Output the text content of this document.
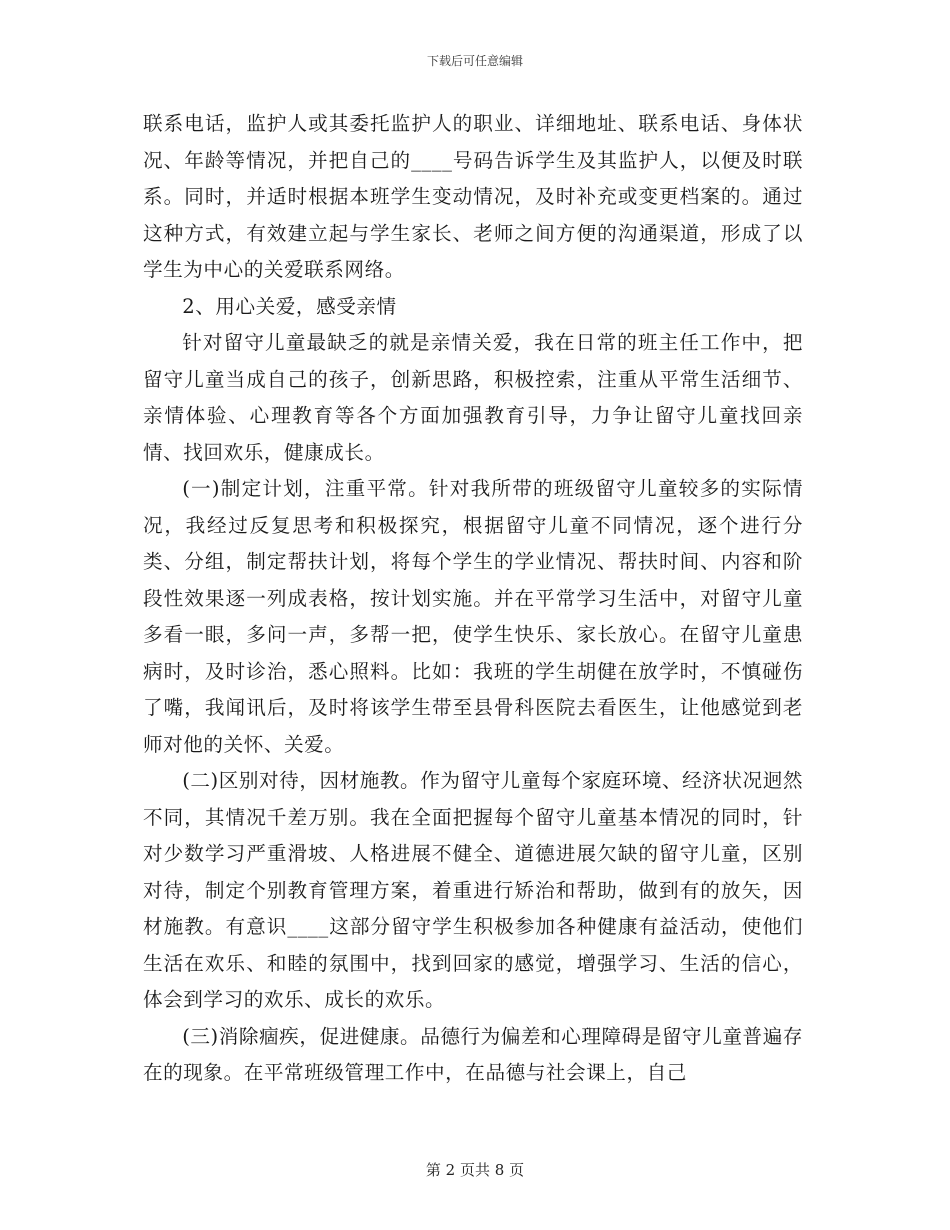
下载后可任意编辑

联系电话，监护人或其委托监护人的职业、详细地址、联系电话、身体状况、年龄等情况，并把自己的____号码告诉学生及其监护人，以便及时联系。同时，并适时根据本班学生变动情况，及时补充或变更档案的。通过这种方式，有效建立起与学生家长、老师之间方便的沟通渠道，形成了以学生为中心的关爱联系网络。

2、用心关爱，感受亲情

针对留守儿童最缺乏的就是亲情关爱，我在日常的班主任工作中，把留守儿童当成自己的孩子，创新思路，积极控索，注重从平常生活细节、亲情体验、心理教育等各个方面加强教育引导，力争让留守儿童找回亲情、找回欢乐，健康成长。

(一)制定计划，注重平常。针对我所带的班级留守儿童较多的实际情况，我经过反复思考和积极探究，根据留守儿童不同情况，逐个进行分类、分组，制定帮扶计划，将每个学生的学业情况、帮扶时间、内容和阶段性效果逐一列成表格，按计划实施。并在平常学习生活中，对留守儿童多看一眼，多问一声，多帮一把，使学生快乐、家长放心。在留守儿童患病时，及时诊治，悉心照料。比如：我班的学生胡健在放学时，不慎碰伤了嘴，我闻讯后，及时将该学生带至县骨科医院去看医生，让他感觉到老师对他的关怀、关爱。

(二)区别对待，因材施教。作为留守儿童每个家庭环境、经济状况迥然不同，其情况千差万别。我在全面把握每个留守儿童基本情况的同时，针对少数学习严重滑坡、人格进展不健全、道德进展欠缺的留守儿童，区别对待，制定个别教育管理方案，着重进行矫治和帮助，做到有的放矢，因材施教。有意识____这部分留守学生积极参加各种健康有益活动，使他们生活在欢乐、和睦的氛围中，找到回家的感觉，增强学习、生活的信心，体会到学习的欢乐、成长的欢乐。

(三)消除痼疾，促进健康。品德行为偏差和心理障碍是留守儿童普遍存在的现象。在平常班级管理工作中，在品德与社会课上，自己

第 2 页共 8 页
